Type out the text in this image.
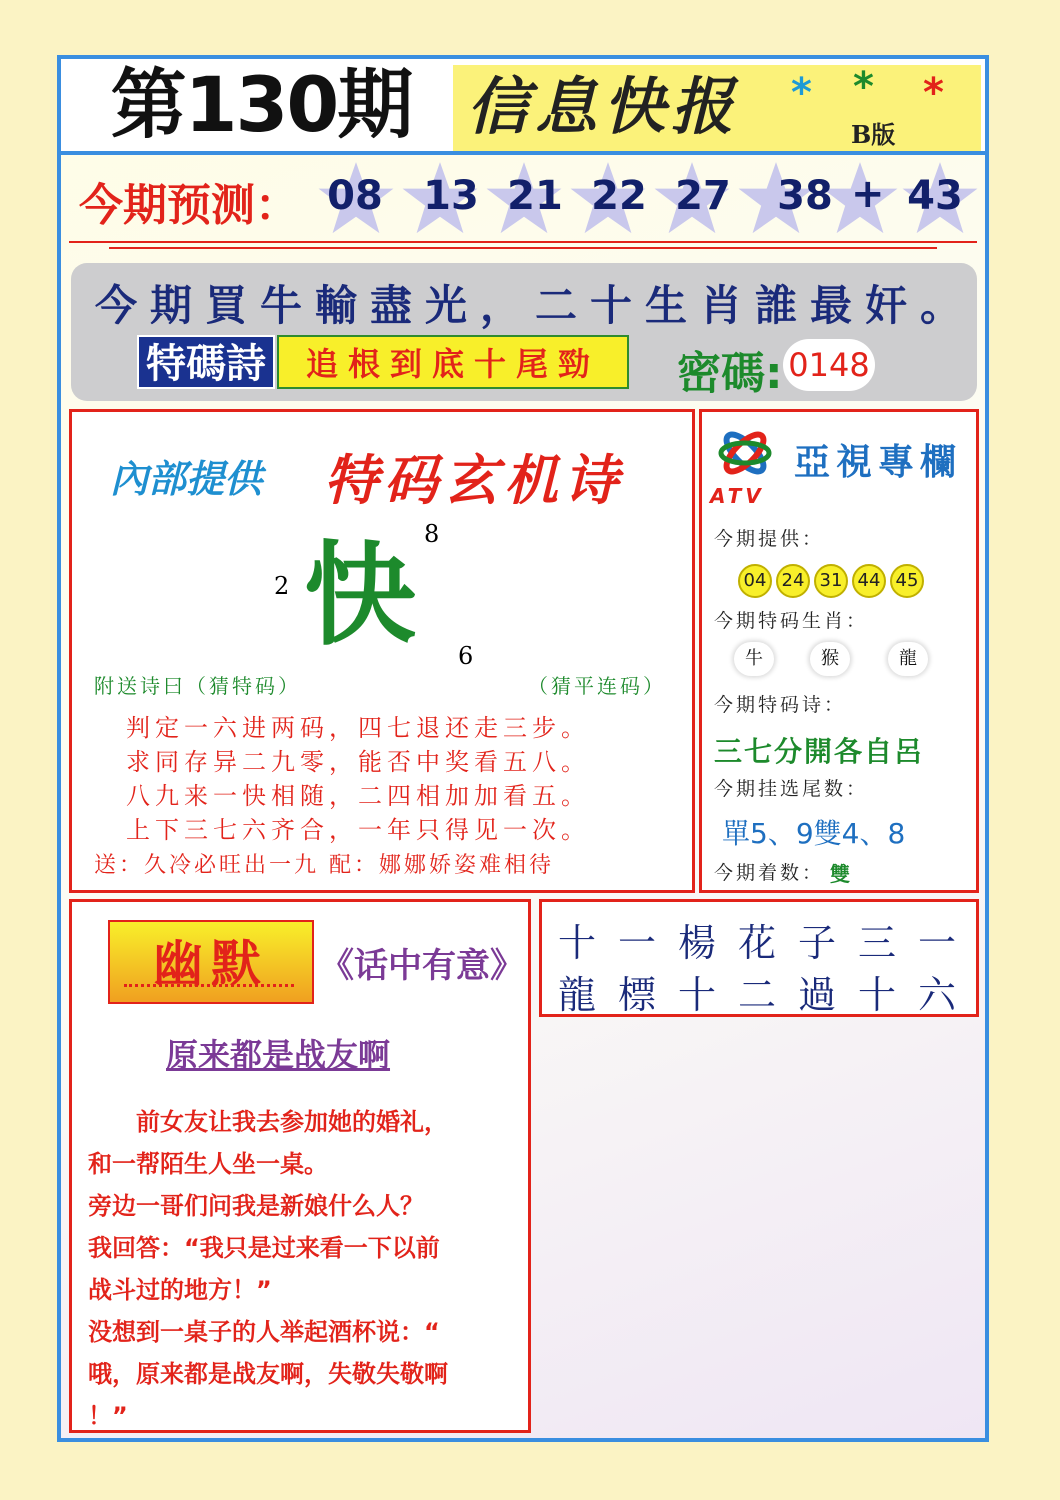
第130期 信息快报 * * *
B版
今期预测： 08	13 21 22 27	38 + 43
今期買牛輸盡光，二十生肖誰最奸。
特碼詩	追根到底十尾勁	密碼: 0148
內部提供 特码玄机诗
8
2 快 6
附送诗曰（猜特码）	（猜平连码）
判定一六进两码，四七退还走三步。
求同存异二九零，能否中奖看五八。
八九来一快相随，二四相加加看五。
上下三七六齐合，一年只得见一次。
送：久冷必旺出一九 配：娜娜娇姿难相待
ATV
亞視專欄
今期提供：
04 24 31 44 45
今期特码生肖：
牛	猴	龍
今期特码诗：
三七分開各自呂
今期挂选尾数：
單5、9雙4、8
今期着数： 雙
幽默	《话中有意》
原来都是战友啊
　　前女友让我去参加她的婚礼，
和一帮陌生人坐一桌。
旁边一哥们问我是新娘什么人？
我回答：“我只是过来看一下以前
战斗过的地方！”
没想到一桌子的人举起酒杯说：“
哦，原来都是战友啊，失敬失敬啊
！”
十一楊花子三一
龍標十二過十六
